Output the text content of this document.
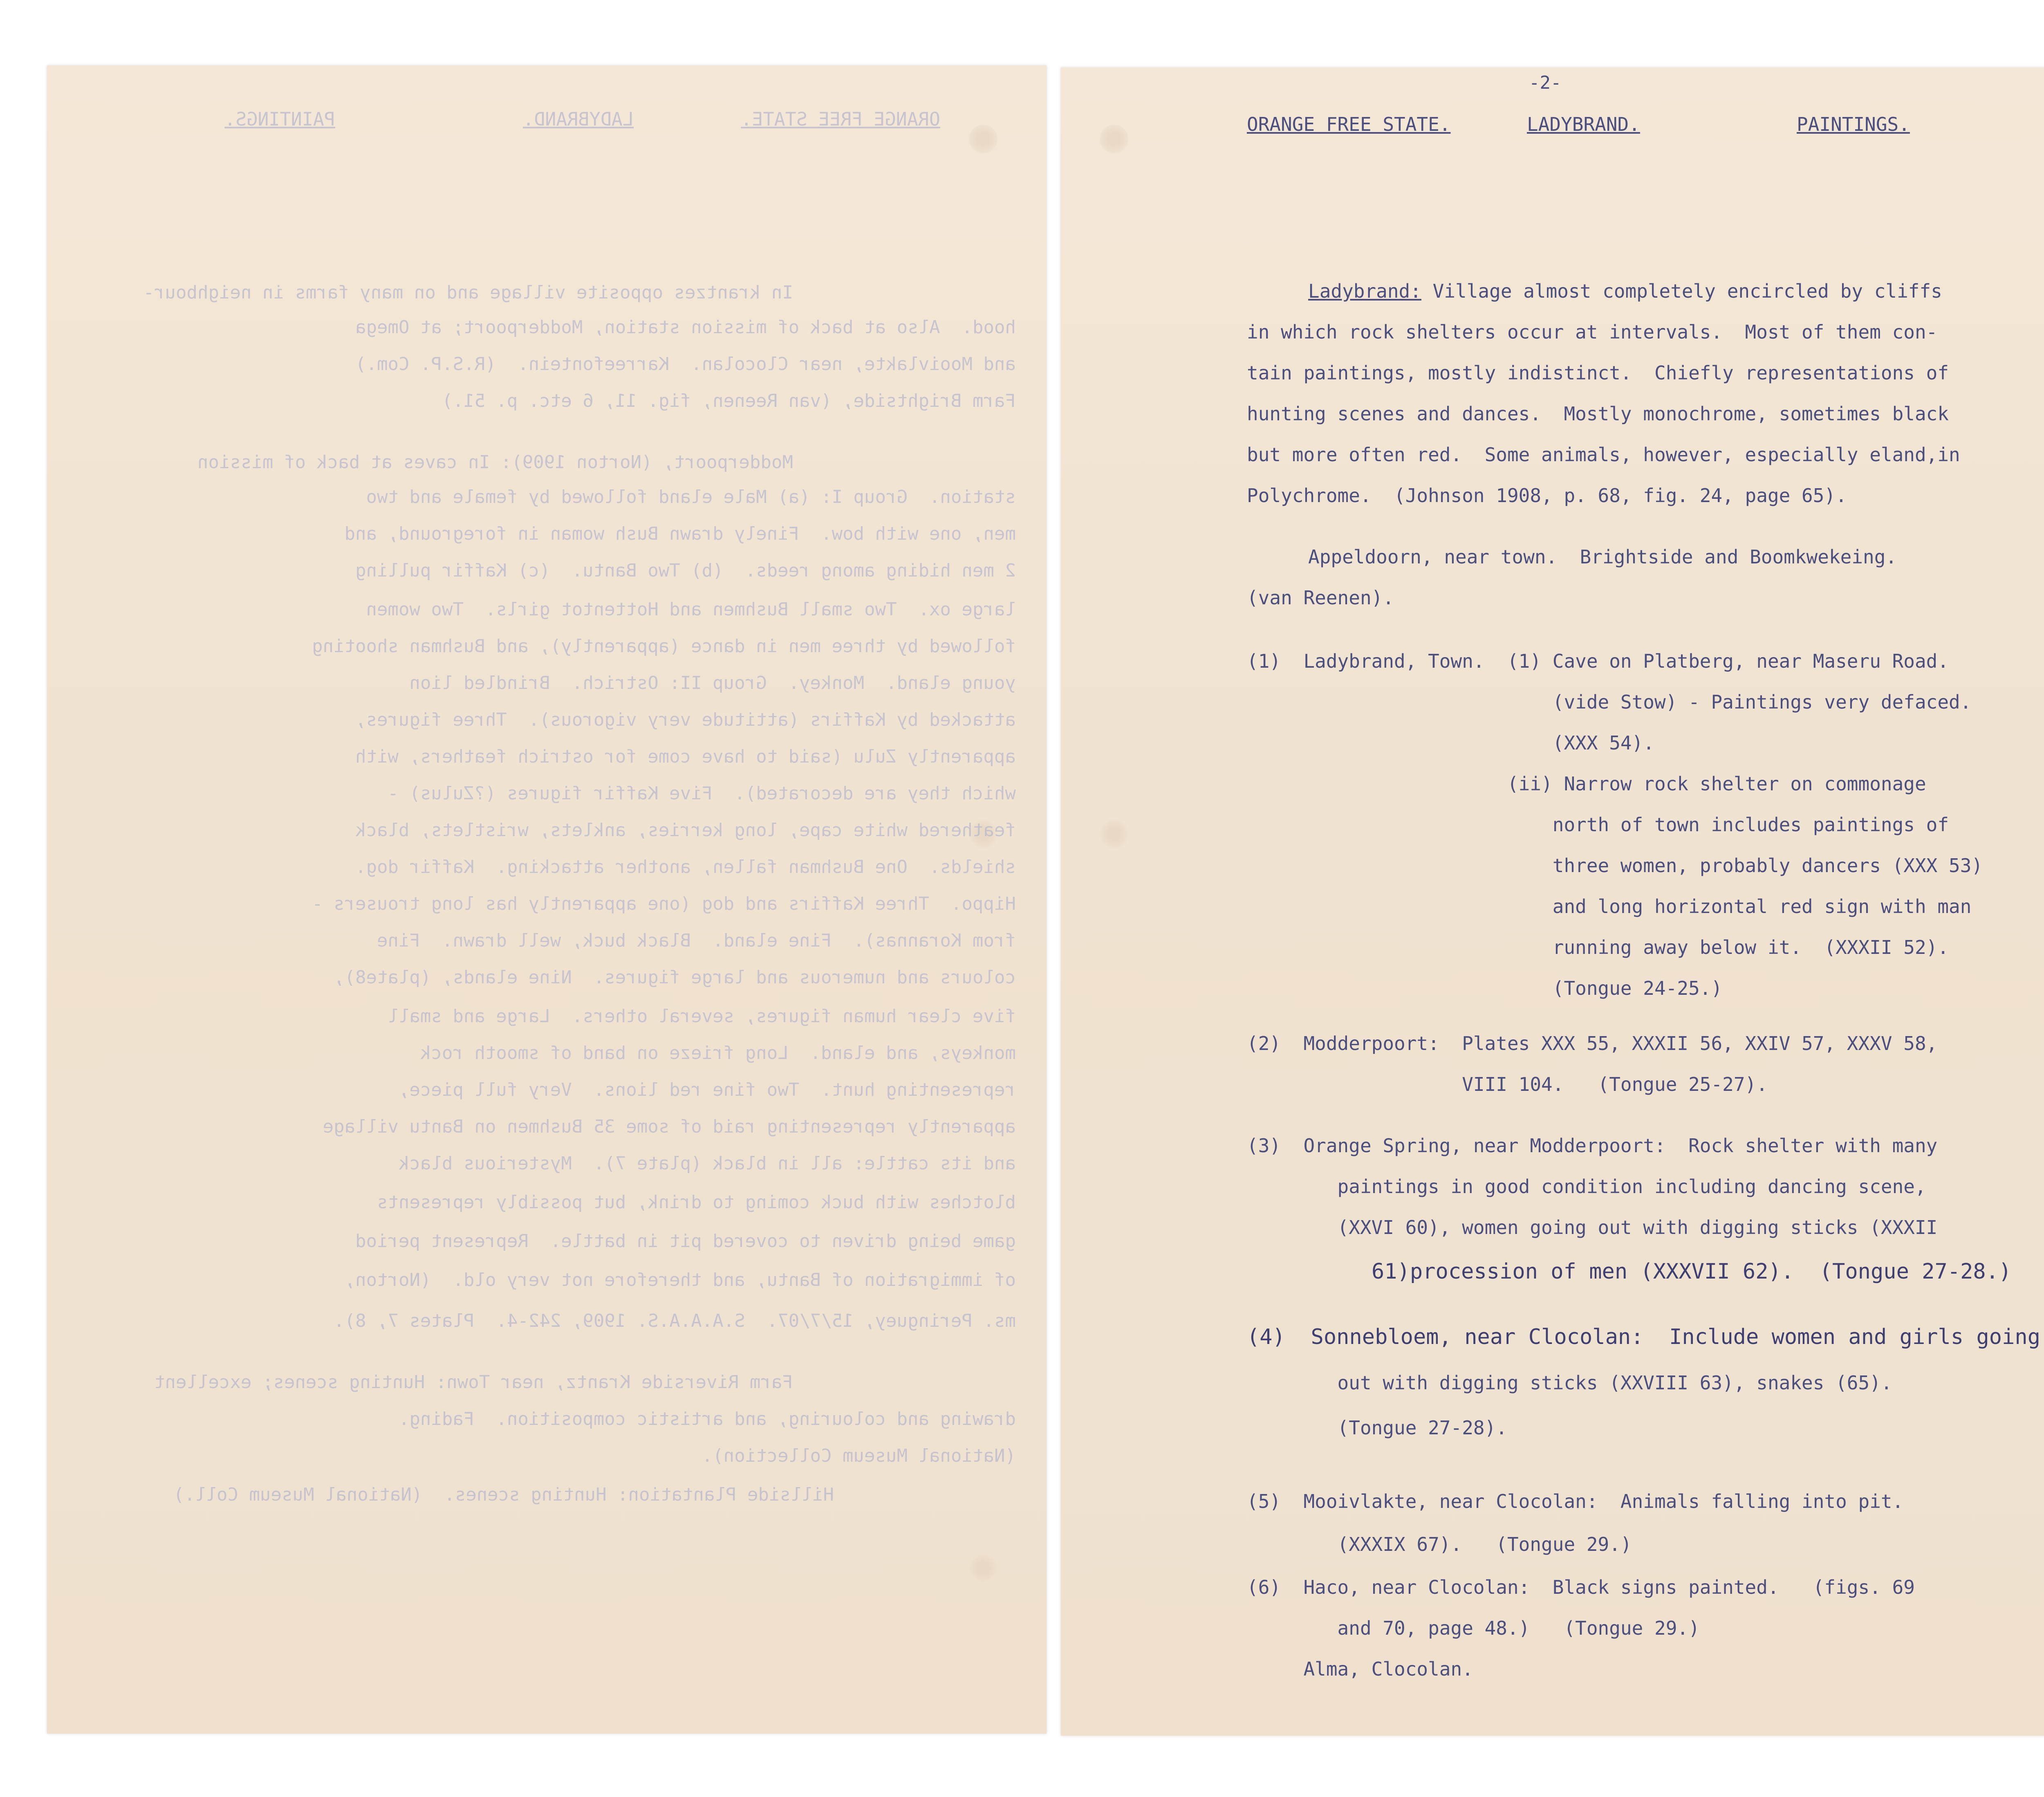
ORANGE FREE STATE.
LADYBRAND.
PAINTINGS.
In krantzes opposite village and on many farms in neighbour-
hood.  Also at back of mission station, Modderpoort; at Omega
and Mooivlakte, near Clocolan.  Karreefontein.  (R.S.P. Com.)
Farm Brightside, (van Reenen, fig. 11, 6 etc. p. 51.)
Modderpoort, (Norton 1909): In caves at back of mission
station.  Group I: (a) Male eland followed by female and two
men, one with bow.  Finely drawn Bush woman in foreground, and
2 men hiding among reeds.  (b) Two Bantu.  (c) Kaffir pulling
large ox.  Two small Bushmen and Hottentot girls.  Two women
followed by three men in dance (apparently), and Bushman shooting
young eland.  Monkey.  Group II: Ostrich.  Brindled lion
attacked by Kaffirs (attitude very vigorous).  Three figures,
apparently Zulu (said to have come for ostrich feathers, with
which they are decorated).  Five Kaffir figures (?Zulus) -
feathered white cape, long kerries, anklets, wristlets, black
shields.  One Bushman fallen, another attacking.  Kaffir dog.
Hippo.  Three Kaffirs and dog (one apparently has long trousers -
from Korannas).  Fine eland.  Black buck, well drawn.  Fine
colours and numerous and large figures.  Nine elands, (plate8),
five clear human figures, several others.  Large and small
monkeys, and eland.  Long frieze on band of smooth rock
representing hunt.  Two fine red lions.  Very full piece,
apparently representing raid of some 35 Bushmen on Bantu village
and its cattle: all in black (plate 7).  Mysterious black
blotches with buck coming to drink, but possibly represents
game being driven to covered pit in battle.  Represent period
of immigration of Bantu, and therefore not very old.  (Norton,
ms. Peringuey, 15/7/07.  S.A.A.A.S. 1909, 242-4.  Plates 7, 8).
Farm Riverside Krantz, near Town: Hunting scenes; excellent
drawing and colouring, and artistic composition.  Fading.
(National Museum Collection).
Hillside Plantation: Hunting scenes.  (National Museum Coll.)
-2-
ORANGE FREE STATE.	LADYBRAND.	PAINTINGS.
Ladybrand: Village almost completely encircled by cliffs
in which rock shelters occur at intervals.  Most of them con-
tain paintings, mostly indistinct.  Chiefly representations of
hunting scenes and dances.  Mostly monochrome, sometimes black
but more often red.  Some animals, however, especially eland,in
Polychrome.  (Johnson 1908, p. 68, fig. 24, page 65).
Appeldoorn, near town.  Brightside and Boomkwekeing.
(van Reenen).
(1)  Ladybrand, Town.  (1) Cave on Platberg, near Maseru Road.
(vide Stow) - Paintings very defaced.
(XXX 54).
(ii) Narrow rock shelter on commonage
north of town includes paintings of
three women, probably dancers (XXX 53)
and long horizontal red sign with man
running away below it.  (XXXII 52).
(Tongue 24-25.)
(2)  Modderpoort:  Plates XXX 55, XXXII 56, XXIV 57, XXXV 58,
VIII 104.   (Tongue 25-27).
(3)  Orange Spring, near Modderpoort:  Rock shelter with many
paintings in good condition including dancing scene,
(XXVI 60), women going out with digging sticks (XXXII
61)procession of men (XXXVII 62).  (Tongue 27-28.)
(4)  Sonnebloem, near Clocolan:  Include women and girls going
out with digging sticks (XXVIII 63), snakes (65).
(Tongue 27-28).
(5)  Mooivlakte, near Clocolan:  Animals falling into pit.
(XXXIX 67).   (Tongue 29.)
(6)  Haco, near Clocolan:  Black signs painted.   (figs. 69
and 70, page 48.)   (Tongue 29.)
Alma, Clocolan.
